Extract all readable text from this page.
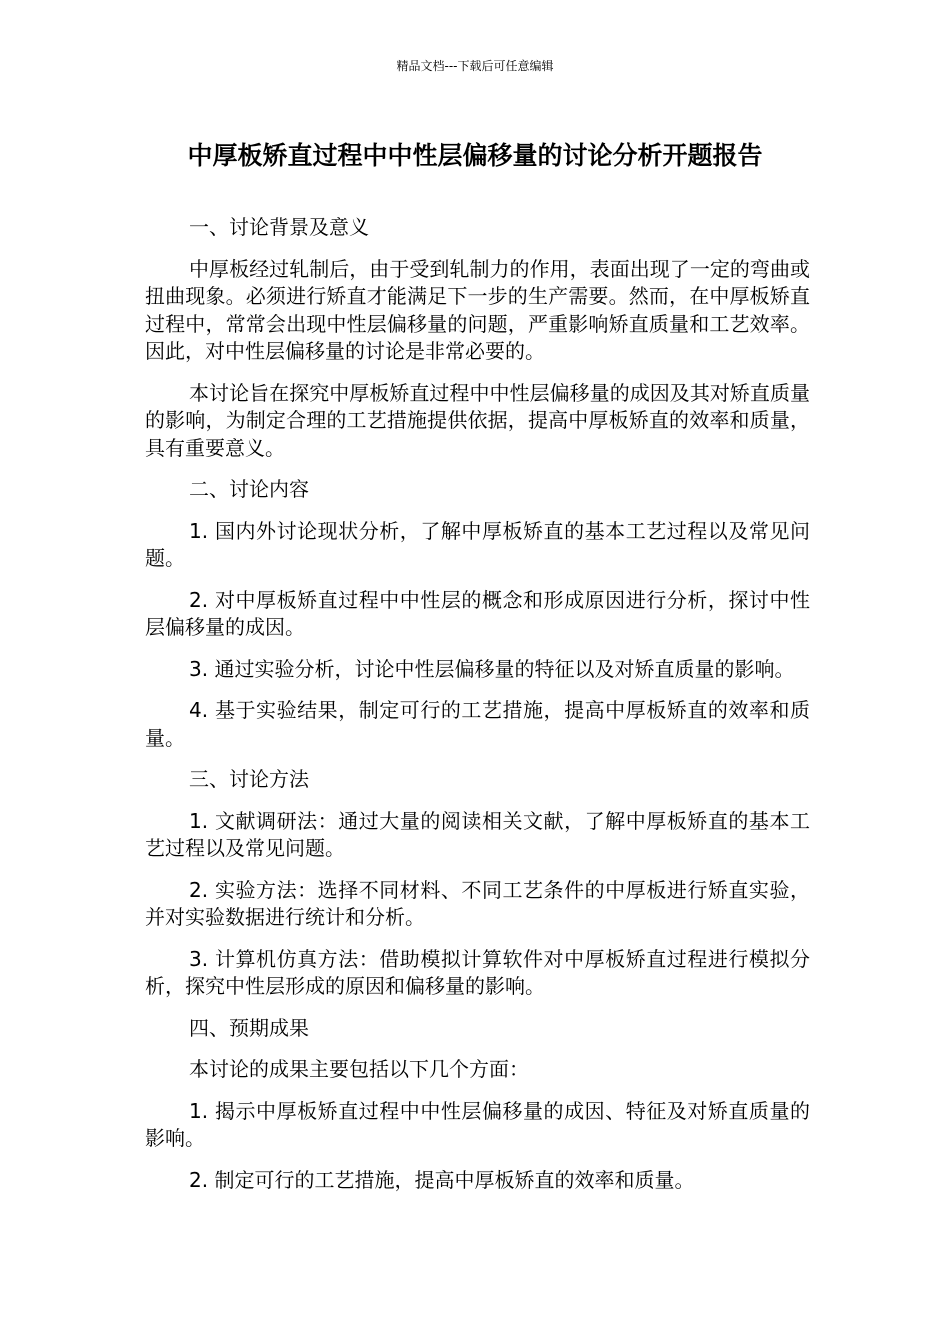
精品文档---下载后可任意编辑
中厚板矫直过程中中性层偏移量的讨论分析开题报告

一、讨论背景及意义

中厚板经过轧制后，由于受到轧制力的作用，表面出现了一定的弯曲或扭曲现象。必须进行矫直才能满足下一步的生产需要。然而，在中厚板矫直过程中，常常会出现中性层偏移量的问题，严重影响矫直质量和工艺效率。因此，对中性层偏移量的讨论是非常必要的。

本讨论旨在探究中厚板矫直过程中中性层偏移量的成因及其对矫直质量的影响，为制定合理的工艺措施提供依据，提高中厚板矫直的效率和质量，具有重要意义。

二、讨论内容

1. 国内外讨论现状分析，了解中厚板矫直的基本工艺过程以及常见问题。

2. 对中厚板矫直过程中中性层的概念和形成原因进行分析，探讨中性层偏移量的成因。

3. 通过实验分析，讨论中性层偏移量的特征以及对矫直质量的影响。

4. 基于实验结果，制定可行的工艺措施，提高中厚板矫直的效率和质量。

三、讨论方法

1. 文献调研法：通过大量的阅读相关文献，了解中厚板矫直的基本工艺过程以及常见问题。

2. 实验方法：选择不同材料、不同工艺条件的中厚板进行矫直实验，并对实验数据进行统计和分析。

3. 计算机仿真方法：借助模拟计算软件对中厚板矫直过程进行模拟分析，探究中性层形成的原因和偏移量的影响。

四、预期成果

本讨论的成果主要包括以下几个方面：

1. 揭示中厚板矫直过程中中性层偏移量的成因、特征及对矫直质量的影响。

2. 制定可行的工艺措施，提高中厚板矫直的效率和质量。
